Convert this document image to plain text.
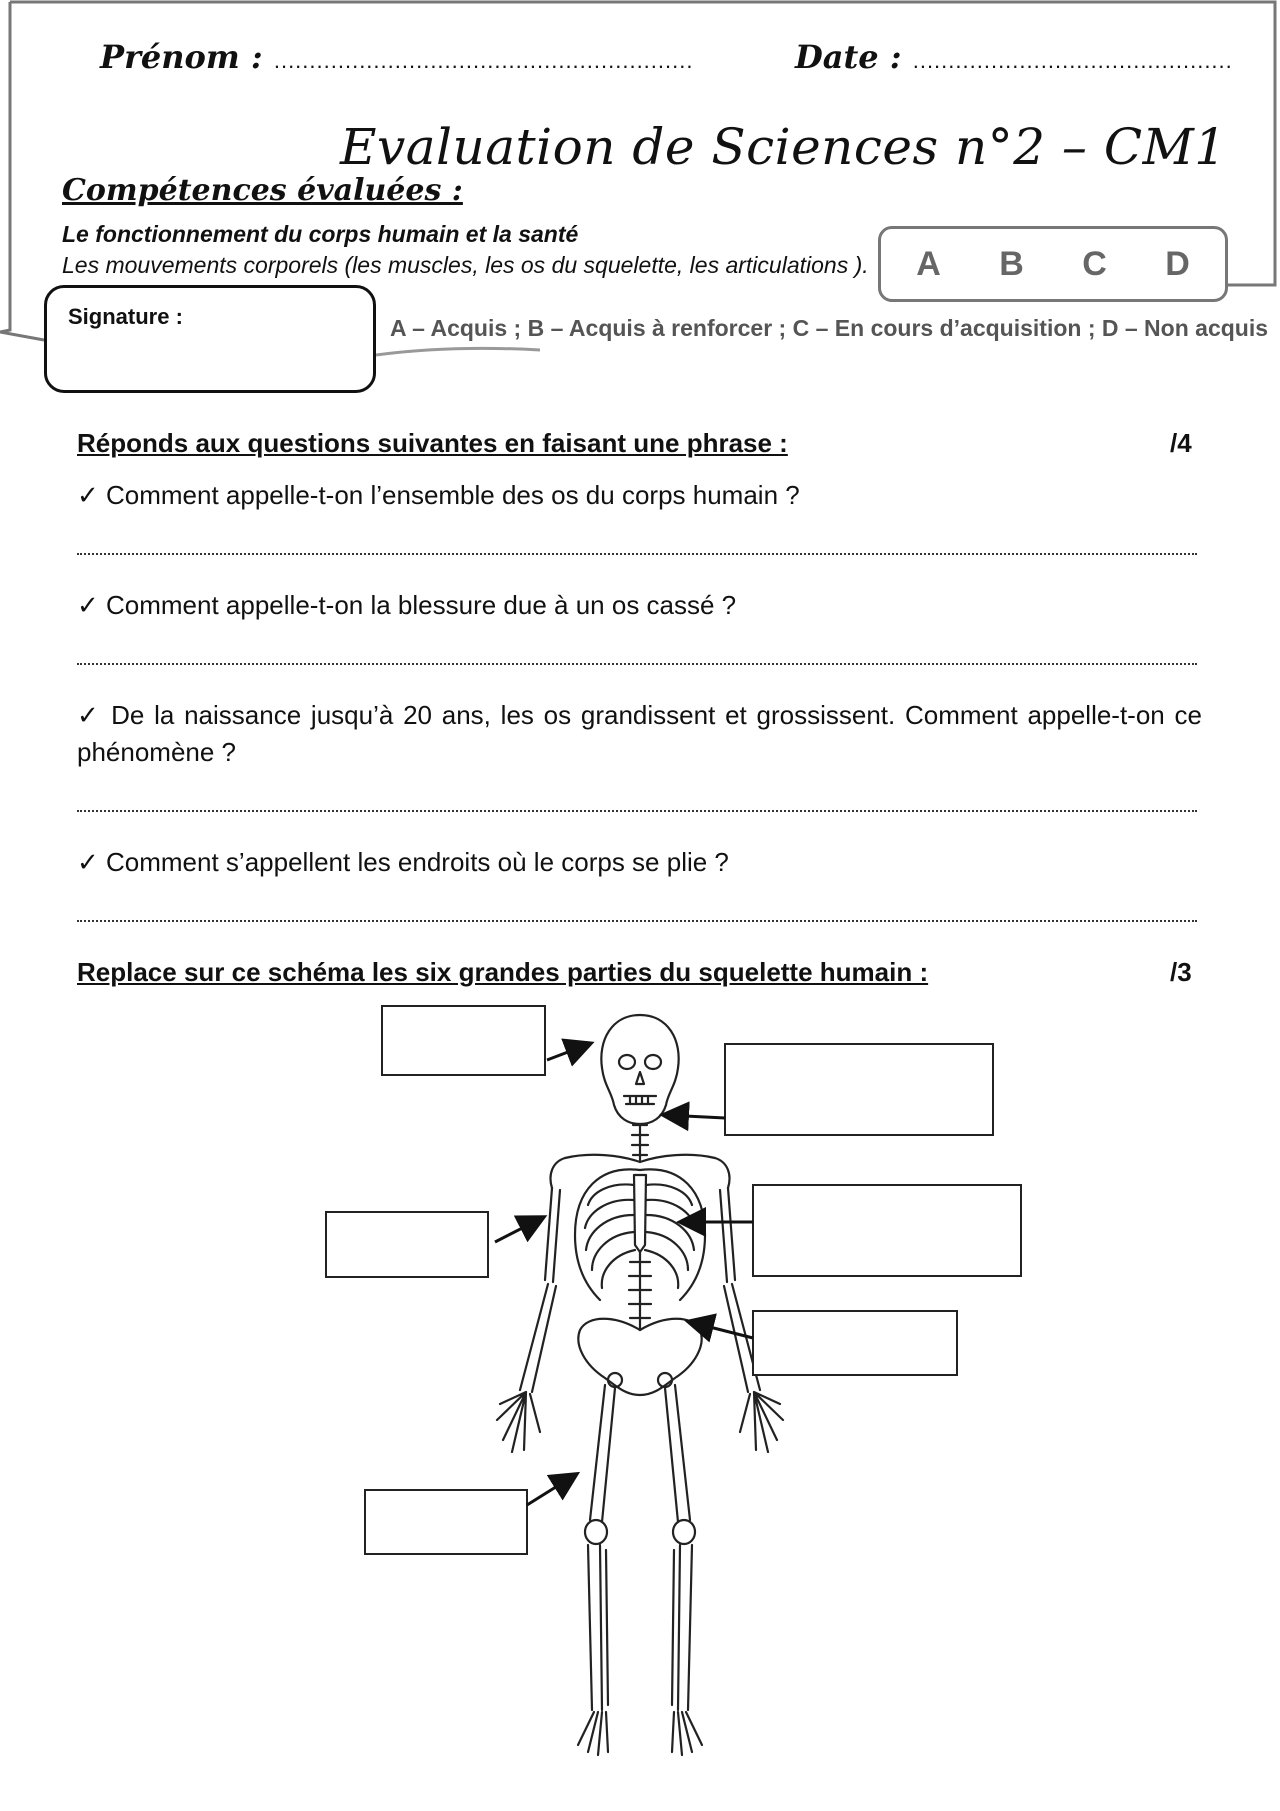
Prénom : ...........................................................	Date : .............................................
Evaluation de Sciences n°2 – CM1
Compétences évaluées :
Le fonctionnement du corps humain et la santé
Les mouvements corporels (les muscles, les os du squelette, les articulations ).	A	B	C	D
Signature :	A – Acquis ; B – Acquis à renforcer ; C – En cours d’acquisition ; D – Non acquis
Réponds aux questions suivantes en faisant une phrase :	/4
✓ Comment appelle-t-on l’ensemble des os du corps humain ?
✓ Comment appelle-t-on la blessure due à un os cassé ?
✓ De la naissance jusqu’à 20 ans, les os grandissent et grossissent. Comment appelle-t-on ce phénomène ?
✓ Comment s’appellent les endroits où le corps se plie ?
Replace sur ce schéma les six grandes parties du squelette humain :	/3
